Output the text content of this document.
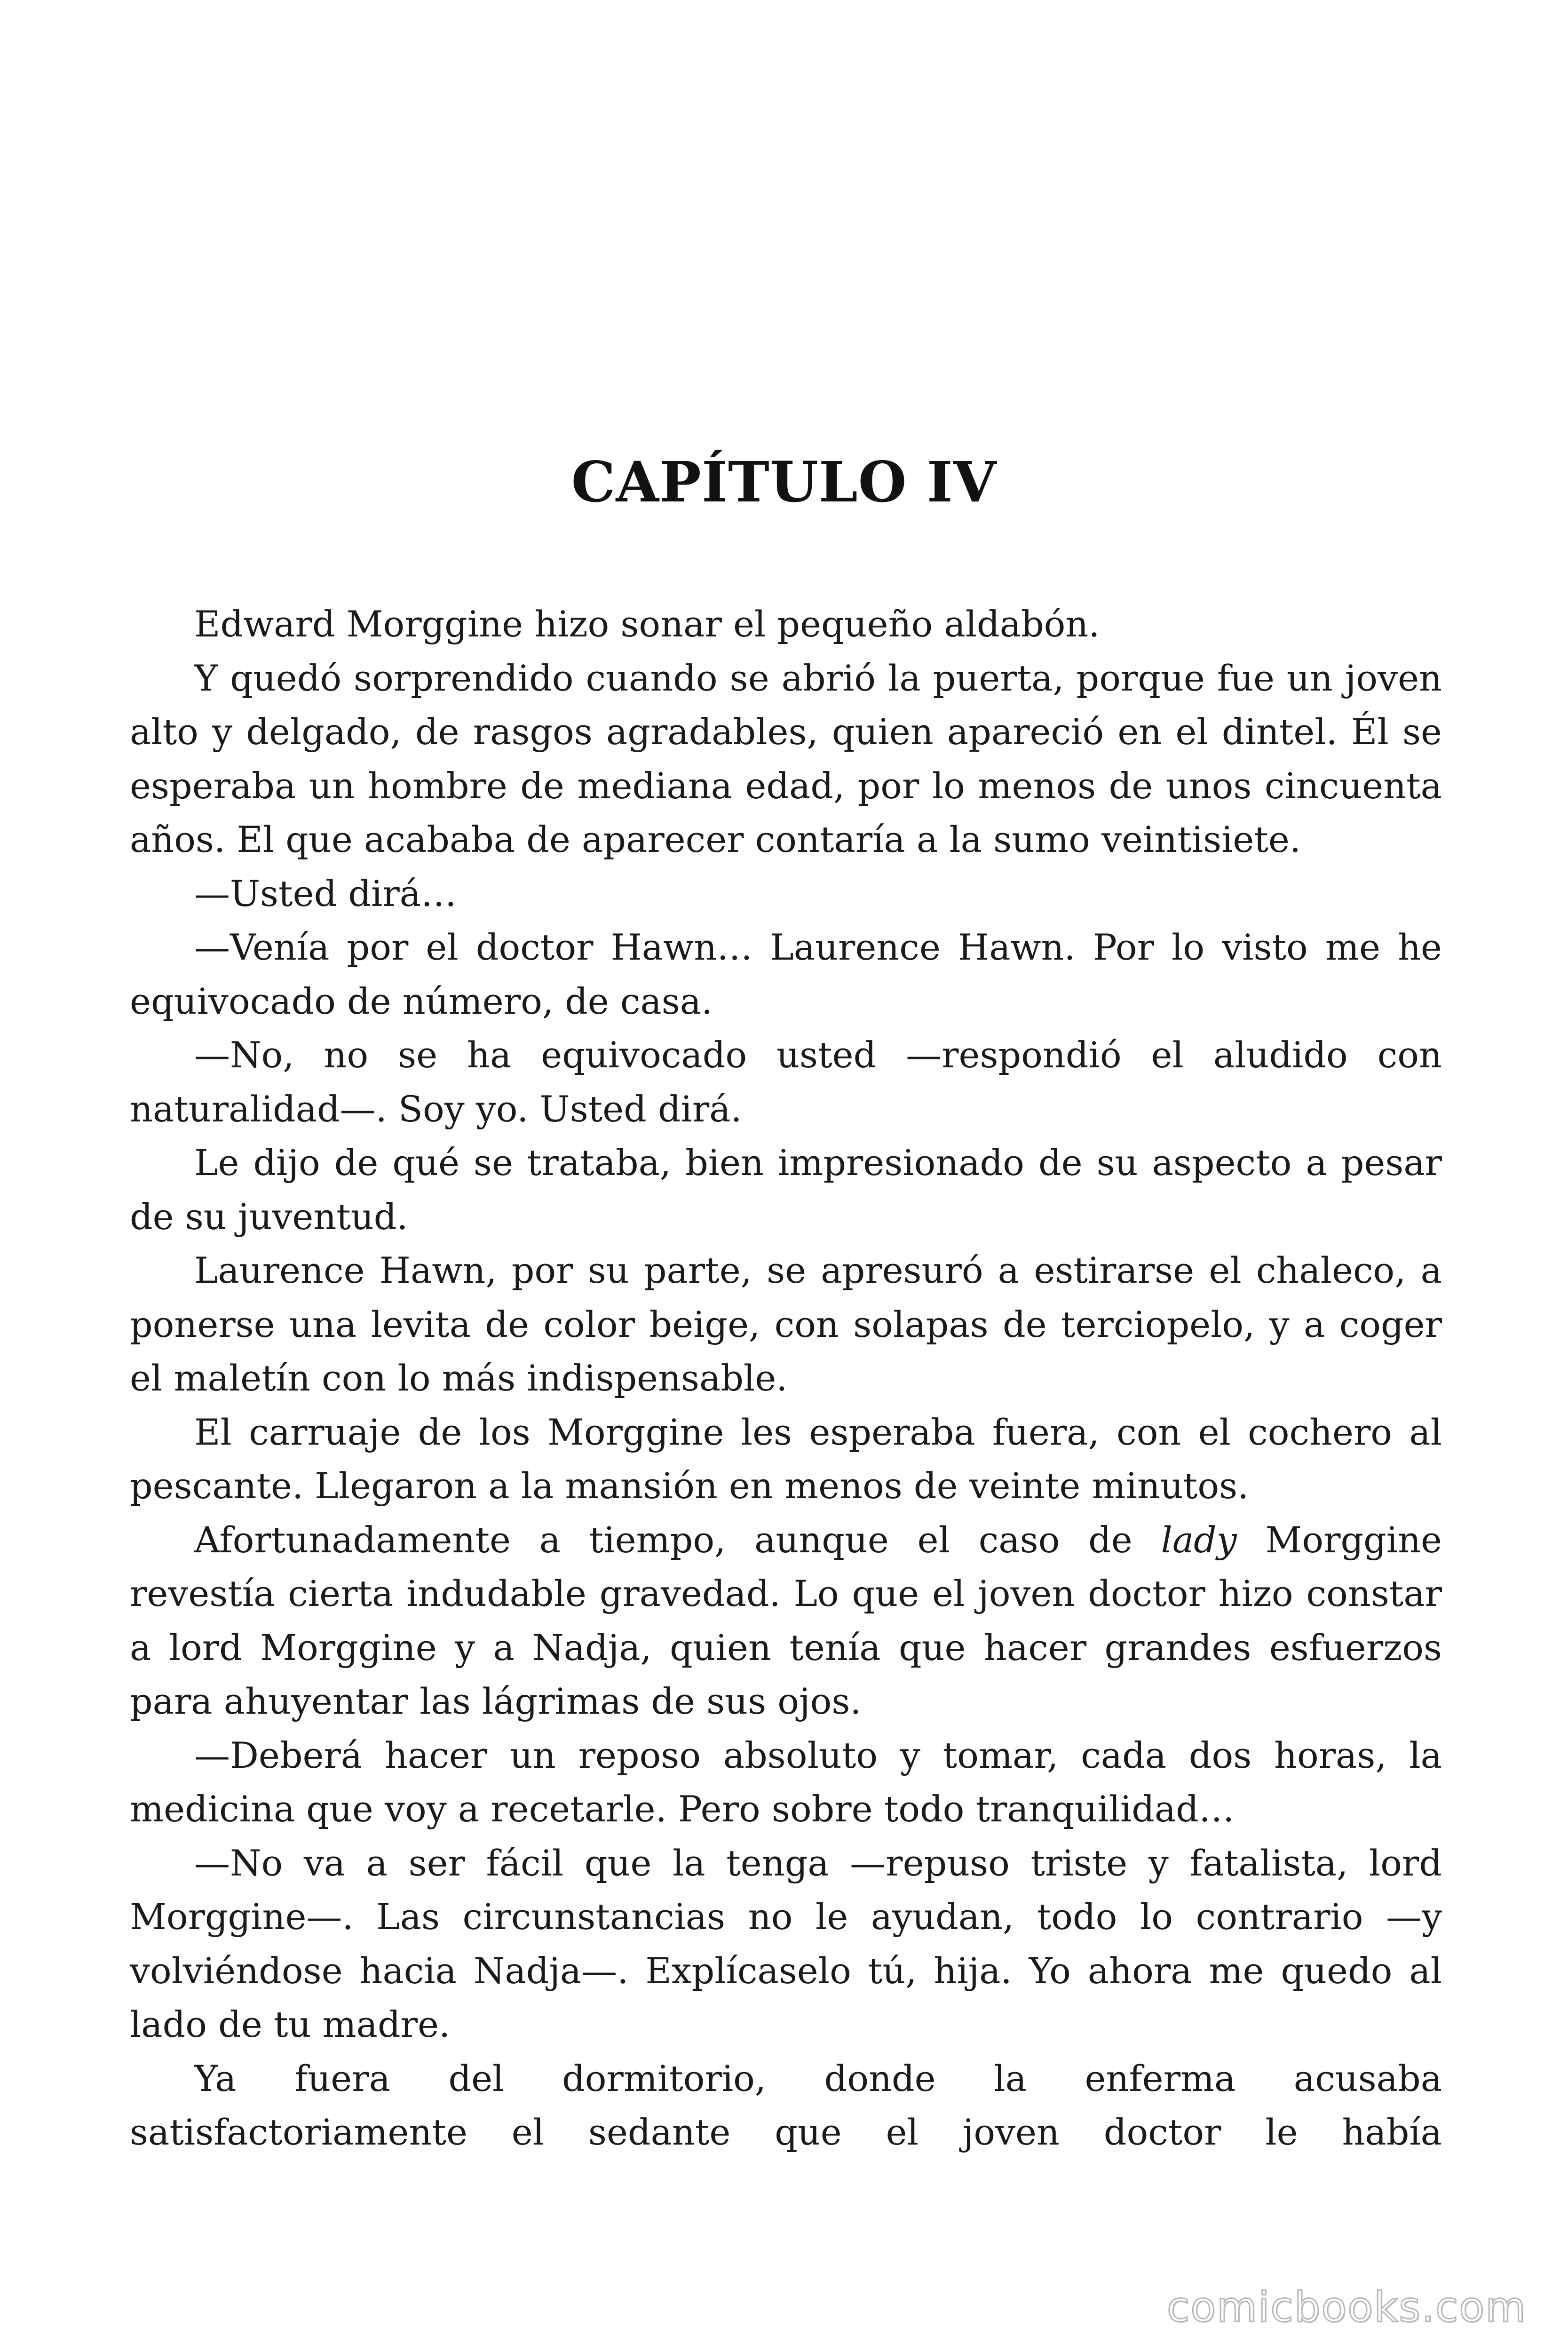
CAPÍTULO IV

Edward Morggine hizo sonar el pequeño aldabón.

Y quedó sorprendido cuando se abrió la puerta, porque fue un joven alto y delgado, de rasgos agradables, quien apareció en el dintel. Él se esperaba un hombre de mediana edad, por lo menos de unos cincuenta años. El que acababa de aparecer contaría a la sumo veintisiete.

—Usted dirá…

—Venía por el doctor Hawn… Laurence Hawn. Por lo visto me he equivocado de número, de casa.

—No, no se ha equivocado usted —respondió el aludido con naturalidad—. Soy yo. Usted dirá.

Le dijo de qué se trataba, bien impresionado de su aspecto a pesar de su juventud.

Laurence Hawn, por su parte, se apresuró a estirarse el chaleco, a ponerse una levita de color beige, con solapas de terciopelo, y a coger el maletín con lo más indispensable.

El carruaje de los Morggine les esperaba fuera, con el cochero al pescante. Llegaron a la mansión en menos de veinte minutos.

Afortunadamente a tiempo, aunque el caso de lady Morggine revestía cierta indudable gravedad. Lo que el joven doctor hizo constar a lord Morggine y a Nadja, quien tenía que hacer grandes esfuerzos para ahuyentar las lágrimas de sus ojos.

—Deberá hacer un reposo absoluto y tomar, cada dos horas, la medicina que voy a recetarle. Pero sobre todo tranquilidad…

—No va a ser fácil que la tenga —repuso triste y fatalista, lord Morggine—. Las circunstancias no le ayudan, todo lo contrario —y volviéndose hacia Nadja—. Explícaselo tú, hija. Yo ahora me quedo al lado de tu madre.

Ya fuera del dormitorio, donde la enferma acusaba satisfactoriamente el sedante que el joven doctor le había

comicbooks.com
